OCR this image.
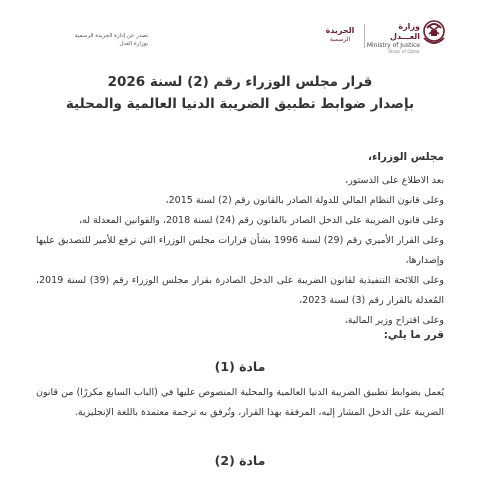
وزارة العـــدل
Ministry of Justice
State of Qatar
الجريدة
الرسمية
تصدر عن إدارة الجريدة الرسمية
بوزارة العدل
قرار مجلس الوزراء رقم (2) لسنة 2026
بإصدار ضوابط تطبيق الضريبة الدنيا العالمية والمحلية
مجلس الوزراء،
بعد الاطلاع على الدستور،
وعلى قانون النظام المالي للدولة الصادر بالقانون رقم (2) لسنة 2015،
وعلى قانون الضريبة على الدخل الصادر بالقانون رقم (24) لسنة 2018، والقوانين المعدلة له،
وعلى القرار الأميري رقم (29) لسنة 1996 بشأن قرارات مجلس الوزراء التي ترفع للأمير للتصديق عليها وإصدارها،
وعلى اللائحة التنفيذية لقانون الضريبة على الدخل الصادرة بقرار مجلس الوزراء رقم (39) لسنة 2019، المُعدلة بالقرار رقم (3) لسنة 2023،
وعلى اقتراح وزير المالية،
قرر ما يلي:
مادة (1)
يُعمل بضوابط تطبيق الضريبة الدنيا العالمية والمحلية المنصوص عليها في (الباب السابع مكررًا) من قانون الضريبة على الدخل المشار إليه، المرفقة بهذا القرار، وتُرفق به ترجمة معتمدة باللغة الإنجليزية.
مادة (2)
